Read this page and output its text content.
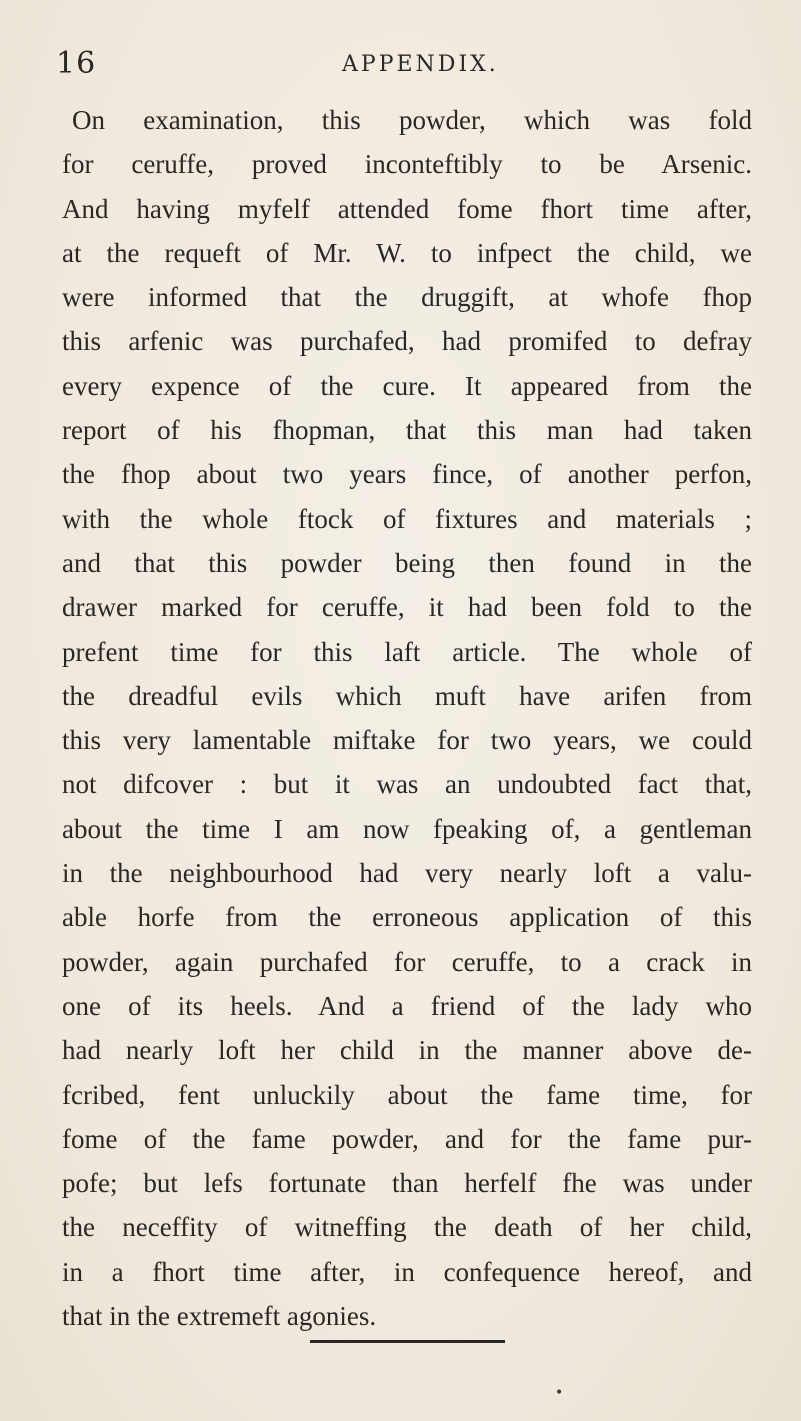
16	APPENDIX.
On examination, this powder, which was fold
for ceruffe, proved inconteftibly to be Arsenic.
And having myfelf attended fome fhort time after,
at the requeft of Mr. W. to infpect the child, we
were informed that the druggift, at whofe fhop
this arfenic was purchafed, had promifed to defray
every expence of the cure. It appeared from the
report of his fhopman, that this man had taken
the fhop about two years fince, of another perfon,
with the whole ftock of fixtures and materials ;
and that this powder being then found in the
drawer marked for ceruffe, it had been fold to the
prefent time for this laft article. The whole of
the dreadful evils which muft have arifen from
this very lamentable miftake for two years, we could
not difcover : but it was an undoubted fact that,
about the time I am now fpeaking of, a gentleman
in the neighbourhood had very nearly loft a valu-
able horfe from the erroneous application of this
powder, again purchafed for ceruffe, to a crack in
one of its heels. And a friend of the lady who
had nearly loft her child in the manner above de-
fcribed, fent unluckily about the fame time, for
fome of the fame powder, and for the fame pur-
pofe; but lefs fortunate than herfelf fhe was under
the neceffity of witneffing the death of her child,
in a fhort time after, in confequence hereof, and
that in the extremeft agonies.
•
